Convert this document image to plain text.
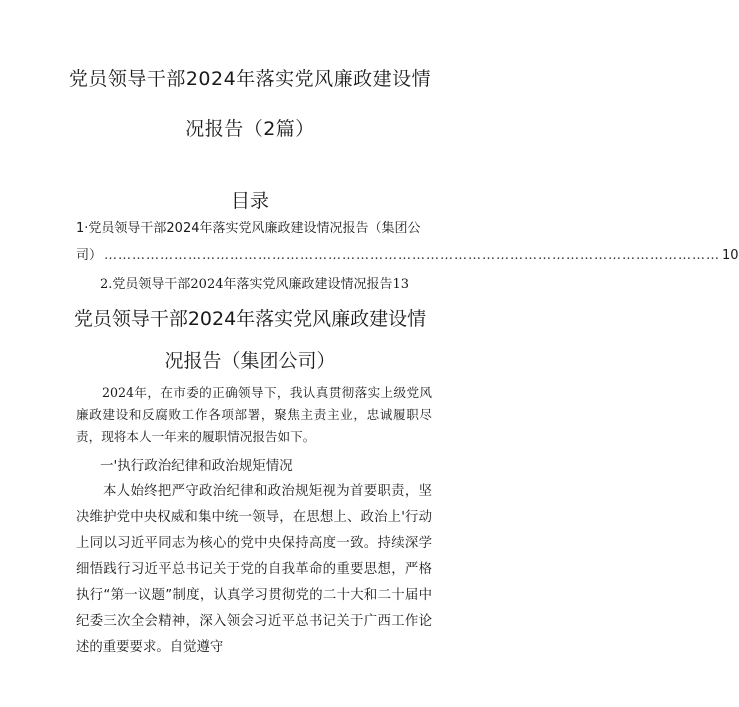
党员领导干部2024年落实党风廉政建设情
况报告（2篇）
目录
1·党员领导干部2024年落实党风廉政建设情况报告（集团公
司） …………………………………………………………………………………………………………………… 10
2.党员领导干部2024年落实党风廉政建设情况报告13
党员领导干部2024年落实党风廉政建设情
况报告（集团公司）
2024年，在市委的正确领导下，我认真贯彻落实上级党风廉政建设和反腐败工作各项部署，聚焦主责主业，忠诚履职尽责，现将本人一年来的履职情况报告如下。
一'执行政治纪律和政治规矩情况
本人始终把严守政治纪律和政治规矩视为首要职责，坚决维护党中央权威和集中统一领导，在思想上、政治上'行动上同以习近平同志为核心的党中央保持高度一致。持续深学细悟践行习近平总书记关于党的自我革命的重要思想，严格执行“第一议题”制度，认真学习贯彻党的二十大和二十届中纪委三次全会精神，深入领会习近平总书记关于广西工作论述的重要要求。自觉遵守
